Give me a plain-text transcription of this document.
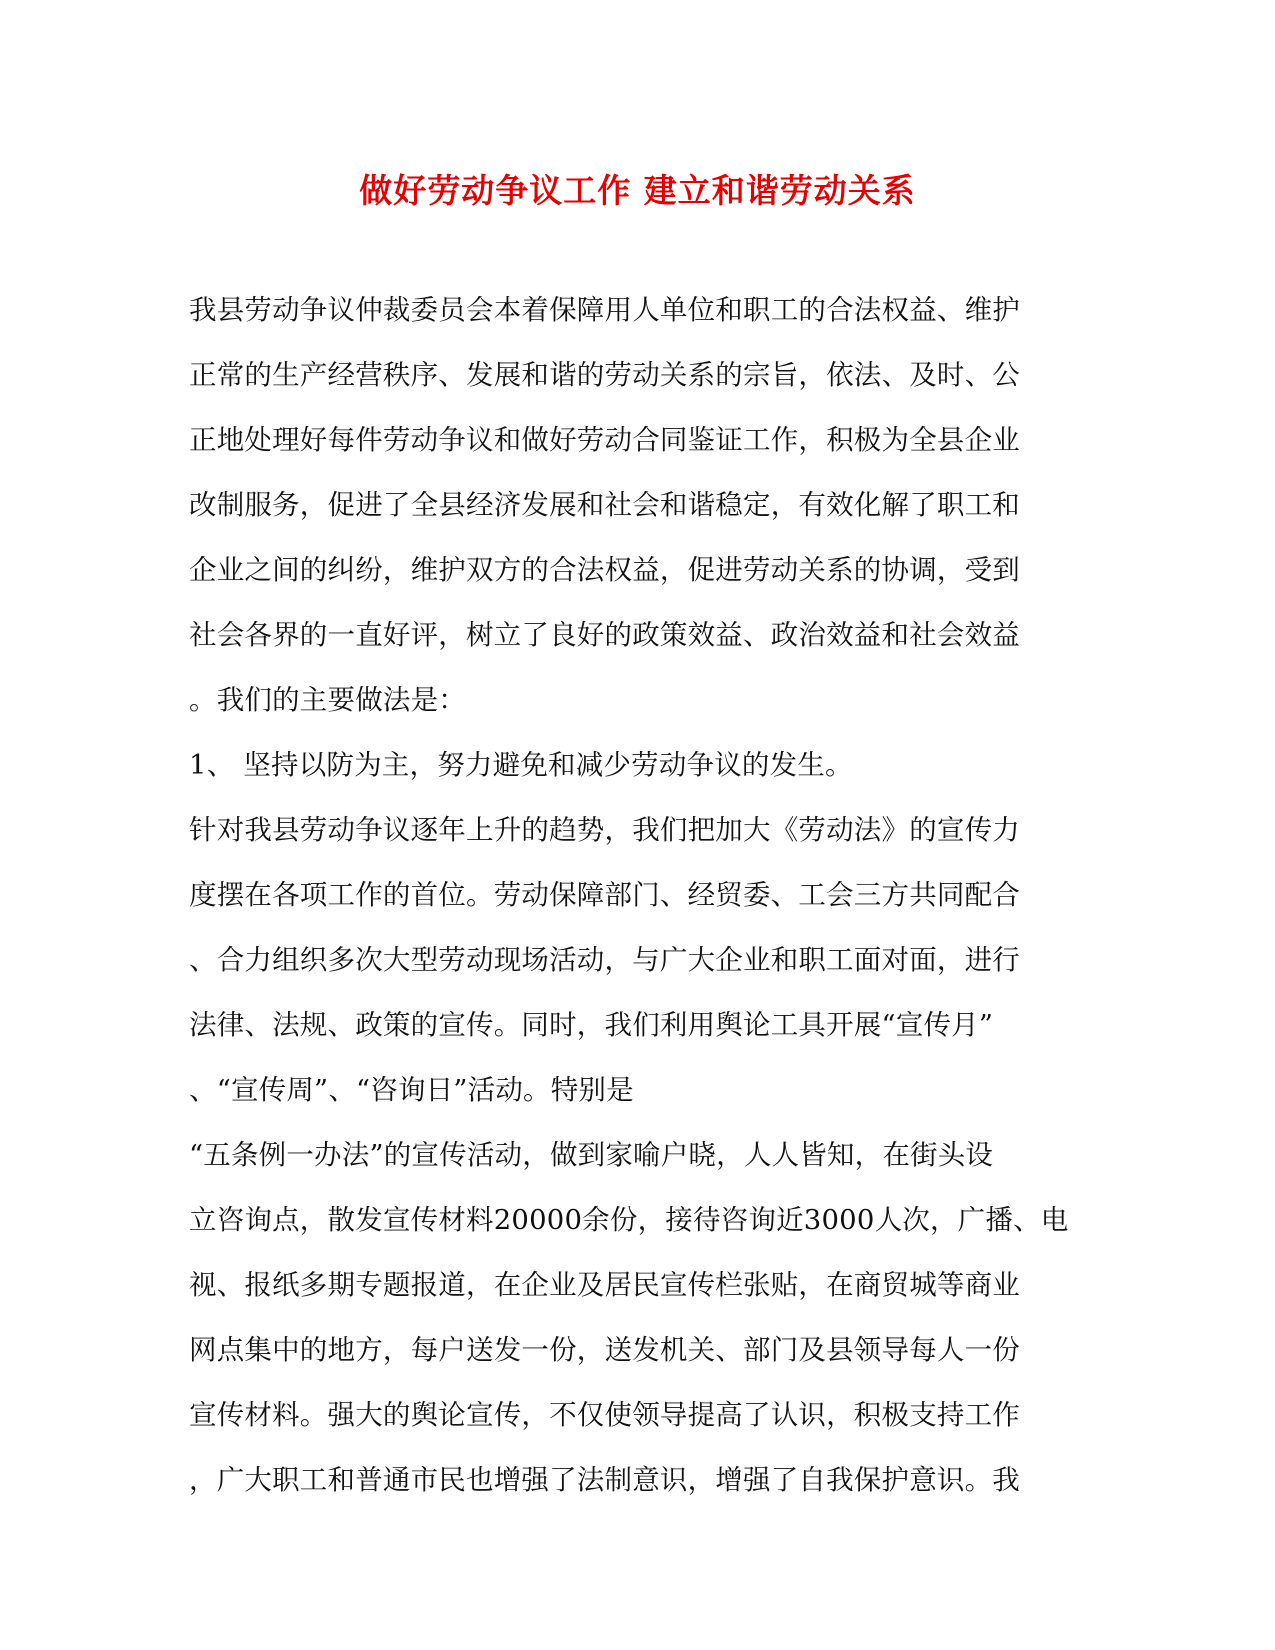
做好劳动争议工作 建立和谐劳动关系
我县劳动争议仲裁委员会本着保障用人单位和职工的合法权益、维护
正常的生产经营秩序、发展和谐的劳动关系的宗旨，依法、及时、公
正地处理好每件劳动争议和做好劳动合同鉴证工作，积极为全县企业
改制服务，促进了全县经济发展和社会和谐稳定，有效化解了职工和
企业之间的纠纷，维护双方的合法权益，促进劳动关系的协调，受到
社会各界的一直好评，树立了良好的政策效益、政治效益和社会效益
。我们的主要做法是：
1、 坚持以防为主，努力避免和减少劳动争议的发生。
针对我县劳动争议逐年上升的趋势，我们把加大《劳动法》的宣传力
度摆在各项工作的首位。劳动保障部门、经贸委、工会三方共同配合
、合力组织多次大型劳动现场活动，与广大企业和职工面对面，进行
法律、法规、政策的宣传。同时，我们利用舆论工具开展“宣传月”
、“宣传周”、“咨询日”活动。特别是
“五条例一办法”的宣传活动，做到家喻户晓，人人皆知，在街头设
立咨询点，散发宣传材料20000余份，接待咨询近3000人次，广播、电
视、报纸多期专题报道，在企业及居民宣传栏张贴，在商贸城等商业
网点集中的地方，每户送发一份，送发机关、部门及县领导每人一份
宣传材料。强大的舆论宣传，不仅使领导提高了认识，积极支持工作
，广大职工和普通市民也增强了法制意识，增强了自我保护意识。我
